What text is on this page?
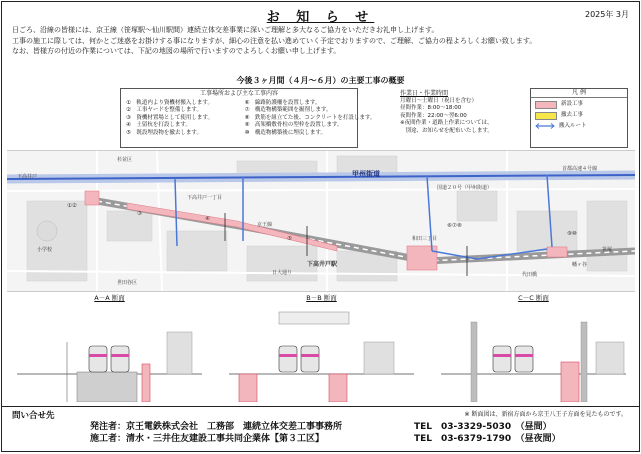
お 知 ら せ	2025年 3月

日ごろ、沿線の皆様には、京王線（笹塚駅～仙川駅間）連続立体交差事業に深いご理解と多大なるご協力をいただきお礼申し上げます。

工事の施工に際しては、何かとご迷惑をお掛けする事になりますが、細心の注意を払い進めていく予定でおりますので、ご理解、ご協力の程よろしくお願い致します。

なお、皆様方の付近の作業については、下記の地図の場所で行いますのでよろしくお願い申し上げます。

今後３ヶ月間（４月～６月）の主要工事の概要
工事場所および主な工事内容
①　軌道内より資機材搬入します。
②　工事ヤードを整備します。
③　資機材置場として使用します。
④　土留杭を打設します。
⑤　既設埋設物を撤去します。
⑥　線路防護柵を設置します。
⑦　構造物構築範囲を掘削します。
⑧　鉄筋を組立てた後、コンクリートを打設します。
⑨　高架橋敷骨柱の型枠を設置します。
⑩　構造物構築後に埋戻します。
作業日・作業時間
月曜日～土曜日（祝日を含む）
昼間作業：8:00～18:00
夜間作業：22:00～翌6:00
※夜間作業・道路上作業については、
　別途、お知らせを配布いたします。
凡 例
新設工事
撤去工事
搬入ルート
甲州街道
国道２０号（甲州街道）
下高井戸一丁目
下高井戸駅
和田三丁目
京王線
日大通り
下高井戸
首都高速４号線
笹塚
幡ヶ谷
代田橋
杉並区
世田谷区
小学校
①②
③
④
⑤
⑥⑦⑧
⑨⑩
A－A 断面	B－B 断面	C－C 断面
問い合せ先	※ 断面図は、新宿方面から京王八王子方面を見たものです。
発注者：京王電鉄株式会社　工務部　連続立体交差工事事務所
施工者：清水・三井住友建設工事共同企業体【第３工区】
TEL　03-3329-5030　（昼間）
TEL　03-6379-1790　（昼夜間）
